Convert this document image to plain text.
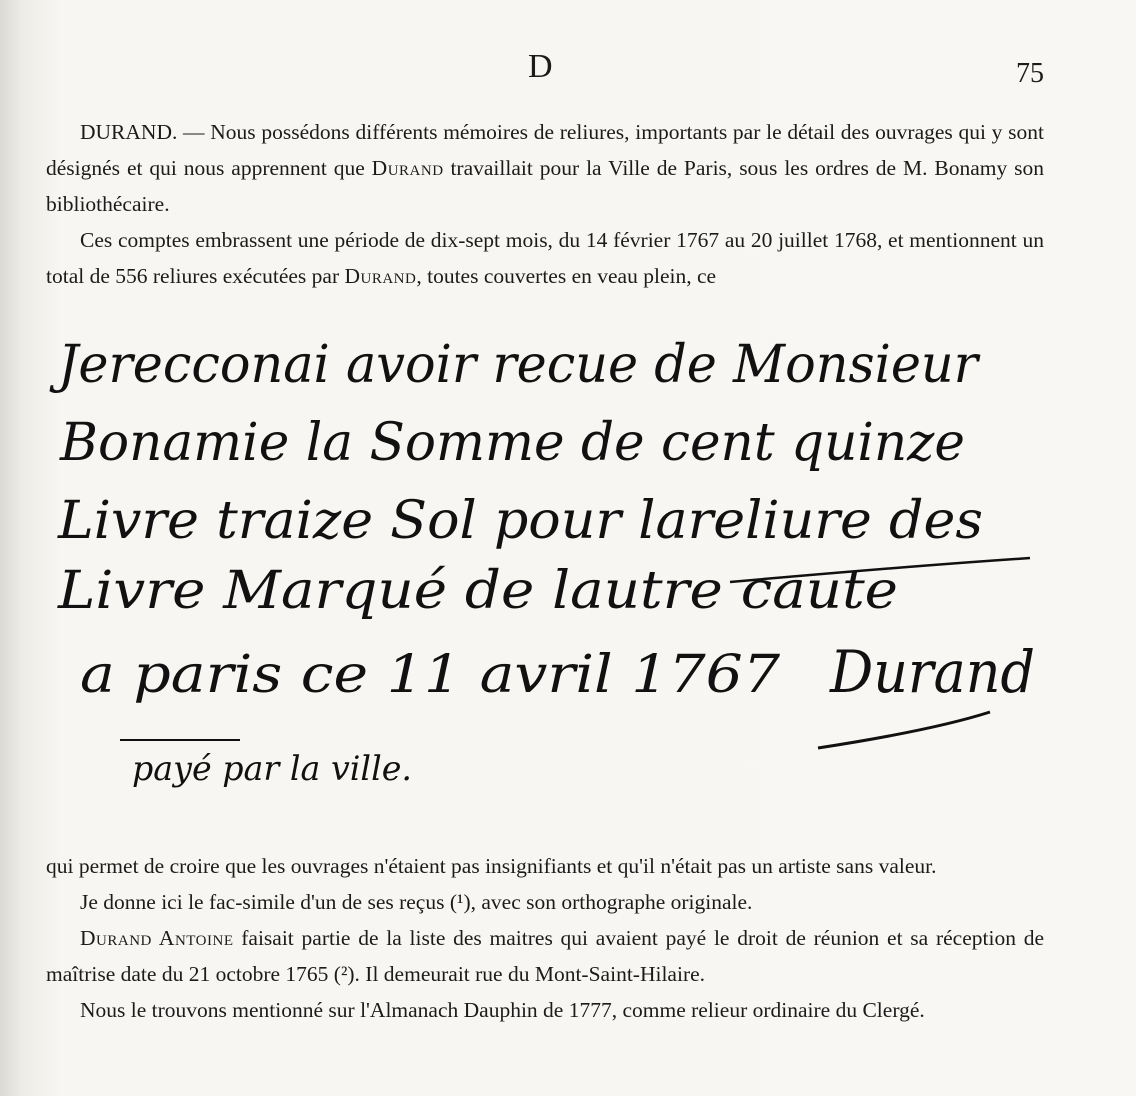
D	75

DURAND. — Nous possédons différents mémoires de reliures, importants par le détail des ouvrages qui y sont désignés et qui nous apprennent que Durand travaillait pour la Ville de Paris, sous les ordres de M. Bonamy son bibliothécaire.

Ces comptes embrassent une période de dix-sept mois, du 14 février 1767 au 20 juillet 1768, et mentionnent un total de 556 reliures exécutées par Durand, toutes couvertes en veau plein, ce

Jerecconai avoir recue de Monsieur
Bonamie la Somme de cent quinze
Livre traize Sol pour lareliure des
Livre Marqué de lautre caute
a paris ce 11 avril 1767 Durand
payé par la ville.

qui permet de croire que les ouvrages n'étaient pas insignifiants et qu'il n'était pas un artiste sans valeur.

Je donne ici le fac-simile d'un de ses reçus (¹), avec son orthographe originale.

Durand Antoine faisait partie de la liste des maitres qui avaient payé le droit de réunion et sa réception de maîtrise date du 21 octobre 1765 (²). Il demeurait rue du Mont-Saint-Hilaire.

Nous le trouvons mentionné sur l'Almanach Dauphin de 1777, comme relieur ordinaire du Clergé.
